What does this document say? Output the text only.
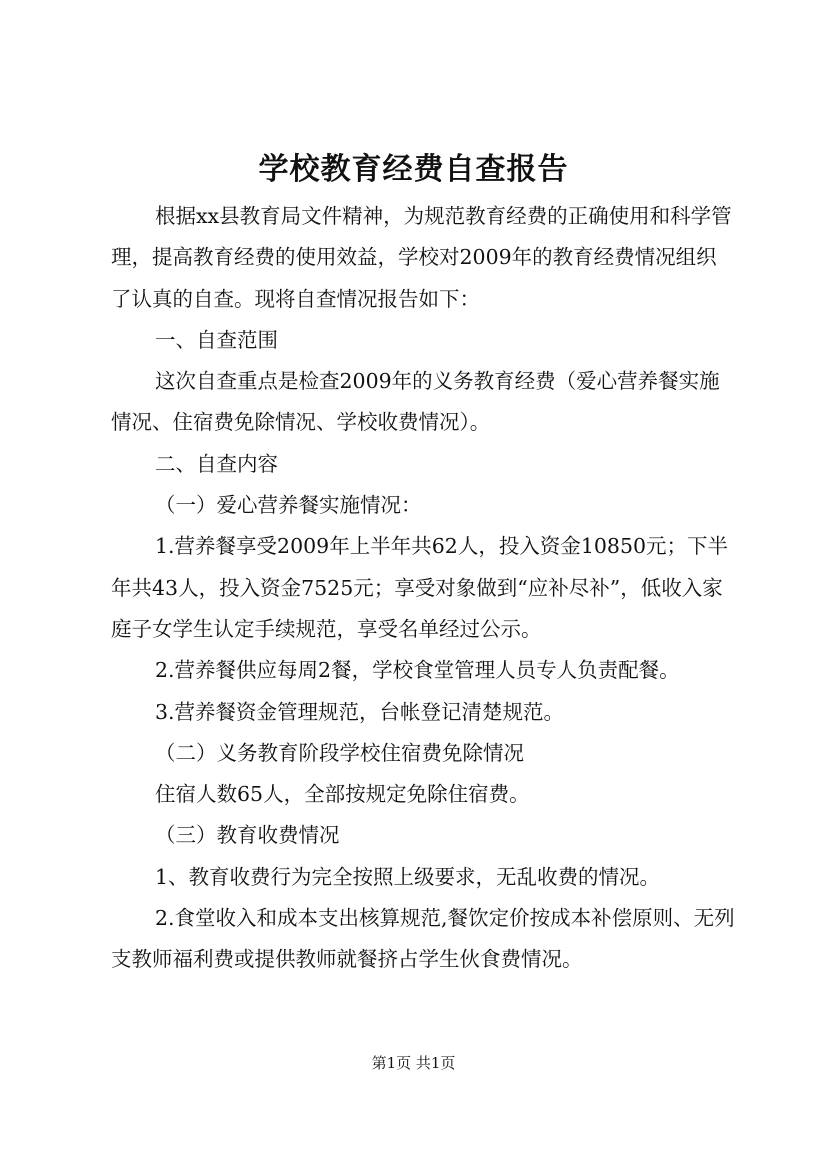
学校教育经费自查报告

根据xx县教育局文件精神，为规范教育经费的正确使用和科学管理，提高教育经费的使用效益，学校对2009年的教育经费情况组织了认真的自查。现将自查情况报告如下：

一、自查范围

这次自查重点是检查2009年的义务教育经费（爱心营养餐实施情况、住宿费免除情况、学校收费情况）。

二、自查内容

（一）爱心营养餐实施情况：

1.营养餐享受2009年上半年共62人，投入资金10850元；下半年共43人，投入资金7525元；享受对象做到“应补尽补”，低收入家庭子女学生认定手续规范，享受名单经过公示。

2.营养餐供应每周2餐，学校食堂管理人员专人负责配餐。

3.营养餐资金管理规范，台帐登记清楚规范。

（二）义务教育阶段学校住宿费免除情况

住宿人数65人，全部按规定免除住宿费。

（三）教育收费情况

1、教育收费行为完全按照上级要求，无乱收费的情况。

2.食堂收入和成本支出核算规范,餐饮定价按成本补偿原则、无列支教师福利费或提供教师就餐挤占学生伙食费情况。

第1页 共1页
